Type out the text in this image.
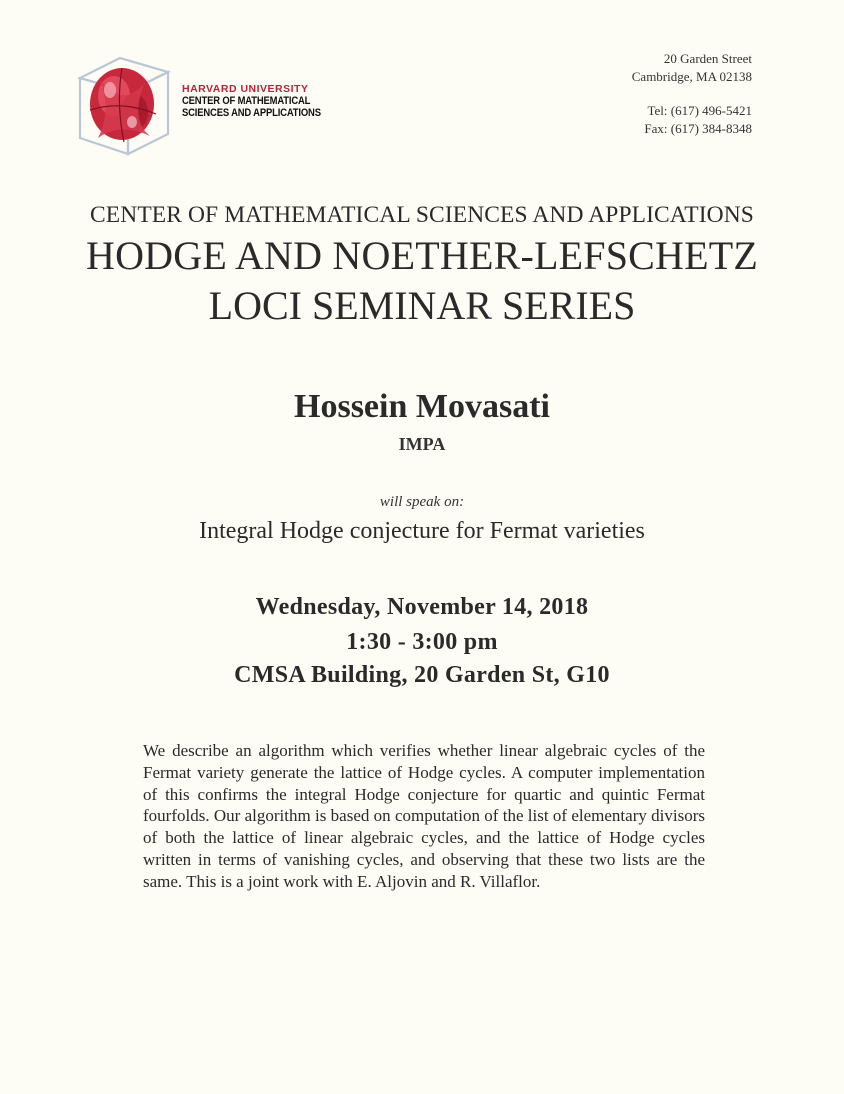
HARVARD UNIVERSITY
CENTER OF MATHEMATICAL
SCIENCES AND APPLICATIONS
20 Garden Street
Cambridge, MA 02138
Tel: (617) 496-5421
Fax: (617) 384-8348
CENTER OF MATHEMATICAL SCIENCES AND APPLICATIONS
HODGE AND NOETHER-LEFSCHETZ
LOCI SEMINAR SERIES
Hossein Movasati
IMPA
will speak on:
Integral Hodge conjecture for Fermat varieties
Wednesday, November 14, 2018
1:30 - 3:00 pm
CMSA Building, 20 Garden St, G10
We describe an algorithm which verifies whether linear algebraic cycles of the Fermat variety generate the lattice of Hodge cycles. A computer implementation of this confirms the integral Hodge conjecture for quartic and quintic Fermat fourfolds. Our algorithm is based on computation of the list of elementary divisors of both the lattice of linear algebraic cycles, and the lattice of Hodge cycles written in terms of vanishing cycles, and observing that these two lists are the same. This is a joint work with E. Aljovin and R. Villaflor.
